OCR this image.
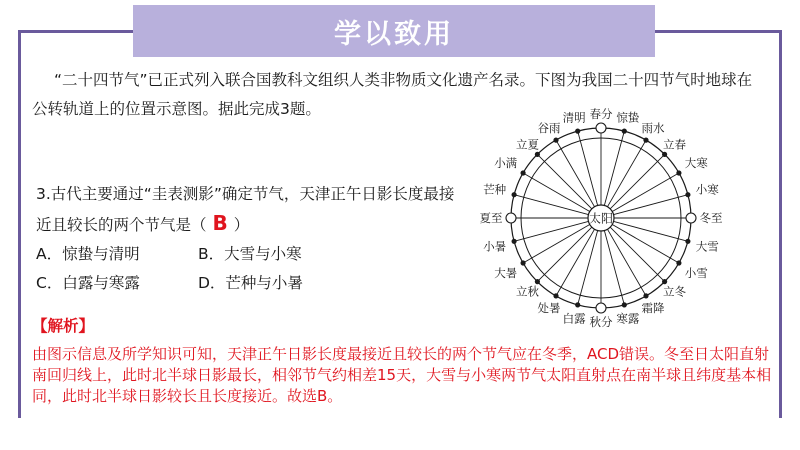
学以致用

“二十四节气”已正式列入联合国教科文组织人类非物质文化遗产名录。下图为我国二十四节气时地球在公转轨道上的位置示意图。据此完成3题。

3.古代主要通过“圭表测影”确定节气，天津正午日影长度最接近且较长的两个节气是（ B ）

A．惊蛰与清明	B．大雪与小寒
C．白露与寒露	D．芒种与小暑
【解析】

由图示信息及所学知识可知，天津正午日影长度最接近且较长的两个节气应在冬季，ACD错误。冬至日太阳直射南回归线上，此时北半球日影最长，相邻节气约相差15天，大雪与小寒两节气太阳直射点在南半球且纬度基本相同，此时北半球日影较长且长度接近。故选B。

太阳
春分 惊蛰
雨水
立春
大寒
小寒
冬至
大雪
小雪
立冬
霜降
寒露
秋分
白露
处暑
立秋
大暑
小暑
夏至
芒种
小满
立夏
谷雨
清明
